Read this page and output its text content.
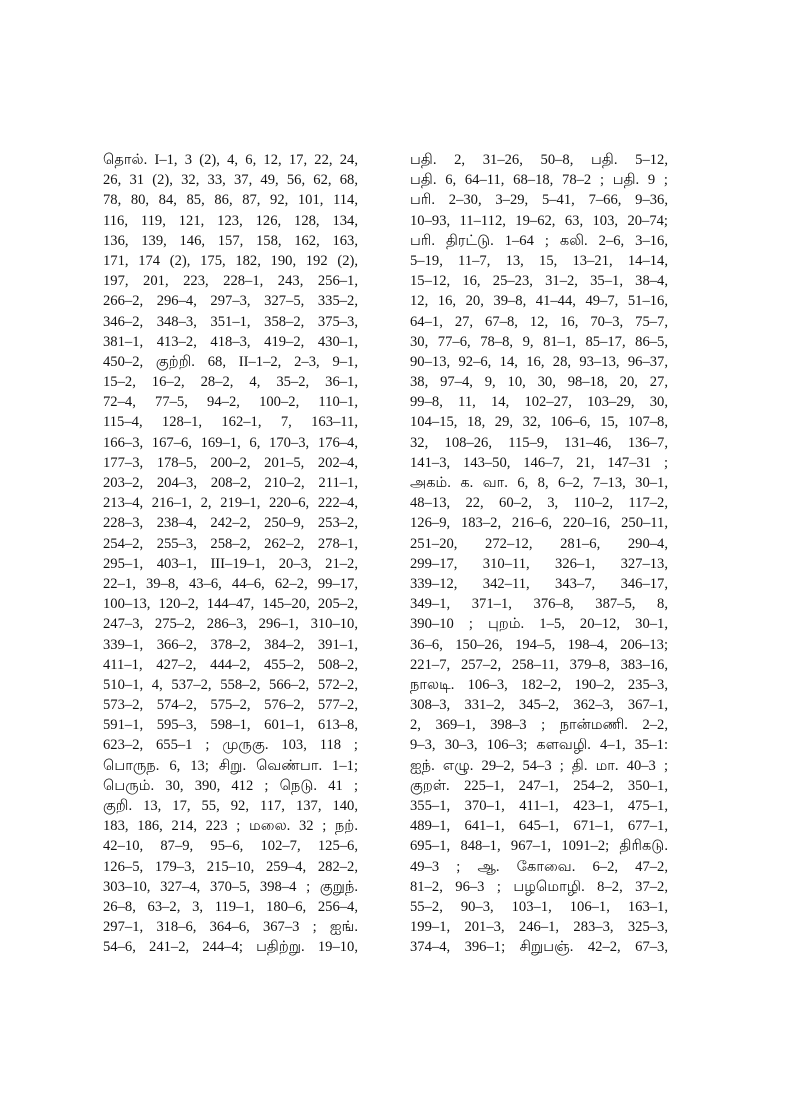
தொல். I–1, 3 (2), 4, 6, 12, 17, 22, 24,
26, 31 (2), 32, 33, 37, 49, 56, 62, 68,
78, 80, 84, 85, 86, 87, 92, 101, 114,
116, 119, 121, 123, 126, 128, 134,
136, 139, 146, 157, 158, 162, 163,
171, 174 (2), 175, 182, 190, 192 (2),
197, 201, 223, 228–1, 243, 256–1,
266–2, 296–4, 297–3, 327–5, 335–2,
346–2, 348–3, 351–1, 358–2, 375–3,
381–1, 413–2, 418–3, 419–2, 430–1,
450–2, குற்றி. 68, II–1–2, 2–3, 9–1,
15–2, 16–2, 28–2, 4, 35–2, 36–1,
72–4, 77–5, 94–2, 100–2, 110–1,
115–4, 128–1, 162–1, 7, 163–11,
166–3, 167–6, 169–1, 6, 170–3, 176–4,
177–3, 178–5, 200–2, 201–5, 202–4,
203–2, 204–3, 208–2, 210–2, 211–1,
213–4, 216–1, 2, 219–1, 220–6, 222–4,
228–3, 238–4, 242–2, 250–9, 253–2,
254–2, 255–3, 258–2, 262–2, 278–1,
295–1, 403–1, III–19–1, 20–3, 21–2,
22–1, 39–8, 43–6, 44–6, 62–2, 99–17,
100–13, 120–2, 144–47, 145–20, 205–2,
247–3, 275–2, 286–3, 296–1, 310–10,
339–1, 366–2, 378–2, 384–2, 391–1,
411–1, 427–2, 444–2, 455–2, 508–2,
510–1, 4, 537–2, 558–2, 566–2, 572–2,
573–2, 574–2, 575–2, 576–2, 577–2,
591–1, 595–3, 598–1, 601–1, 613–8,
623–2, 655–1 ; முருகு. 103, 118 ;
பொருந. 6, 13; சிறு. வெண்பா. 1–1;
பெரும். 30, 390, 412 ; நெடு. 41 ;
குறி. 13, 17, 55, 92, 117, 137, 140,
183, 186, 214, 223 ; மலை. 32 ; நற்.
42–10, 87–9, 95–6, 102–7, 125–6,
126–5, 179–3, 215–10, 259–4, 282–2,
303–10, 327–4, 370–5, 398–4 ; குறுந்.
26–8, 63–2, 3, 119–1, 180–6, 256–4,
297–1, 318–6, 364–6, 367–3 ; ஐங்.
54–6, 241–2, 244–4; பதிற்று. 19–10,
பதி. 2, 31–26, 50–8, பதி. 5–12,
பதி. 6, 64–11, 68–18, 78–2 ; பதி. 9 ;
பரி. 2–30, 3–29, 5–41, 7–66, 9–36,
10–93, 11–112, 19–62, 63, 103, 20–74;
பரி. திரட்டு. 1–64 ; கலி. 2–6, 3–16,
5–19, 11–7, 13, 15, 13–21, 14–14,
15–12, 16, 25–23, 31–2, 35–1, 38–4,
12, 16, 20, 39–8, 41–44, 49–7, 51–16,
64–1, 27, 67–8, 12, 16, 70–3, 75–7,
30, 77–6, 78–8, 9, 81–1, 85–17, 86–5,
90–13, 92–6, 14, 16, 28, 93–13, 96–37,
38, 97–4, 9, 10, 30, 98–18, 20, 27,
99–8, 11, 14, 102–27, 103–29, 30,
104–15, 18, 29, 32, 106–6, 15, 107–8,
32, 108–26, 115–9, 131–46, 136–7,
141–3, 143–50, 146–7, 21, 147–31 ;
அகம். க. வா. 6, 8, 6–2, 7–13, 30–1,
48–13, 22, 60–2, 3, 110–2, 117–2,
126–9, 183–2, 216–6, 220–16, 250–11,
251–20, 272–12, 281–6, 290–4,
299–17, 310–11, 326–1, 327–13,
339–12, 342–11, 343–7, 346–17,
349–1, 371–1, 376–8, 387–5, 8,
390–10 ; புறம். 1–5, 20–12, 30–1,
36–6, 150–26, 194–5, 198–4, 206–13;
221–7, 257–2, 258–11, 379–8, 383–16,
நாலடி. 106–3, 182–2, 190–2, 235–3,
308–3, 331–2, 345–2, 362–3, 367–1,
2, 369–1, 398–3 ; நான்மணி. 2–2,
9–3, 30–3, 106–3; களவழி. 4–1, 35–1:
ஐந். எழு. 29–2, 54–3 ; தி. மா. 40–3 ;
குறள். 225–1, 247–1, 254–2, 350–1,
355–1, 370–1, 411–1, 423–1, 475–1,
489–1, 641–1, 645–1, 671–1, 677–1,
695–1, 848–1, 967–1, 1091–2; திரிகடு.
49–3 ; ஆ. கோவை. 6–2, 47–2,
81–2, 96–3 ; பழமொழி. 8–2, 37–2,
55–2, 90–3, 103–1, 106–1, 163–1,
199–1, 201–3, 246–1, 283–3, 325–3,
374–4, 396–1; சிறுபஞ். 42–2, 67–3,
